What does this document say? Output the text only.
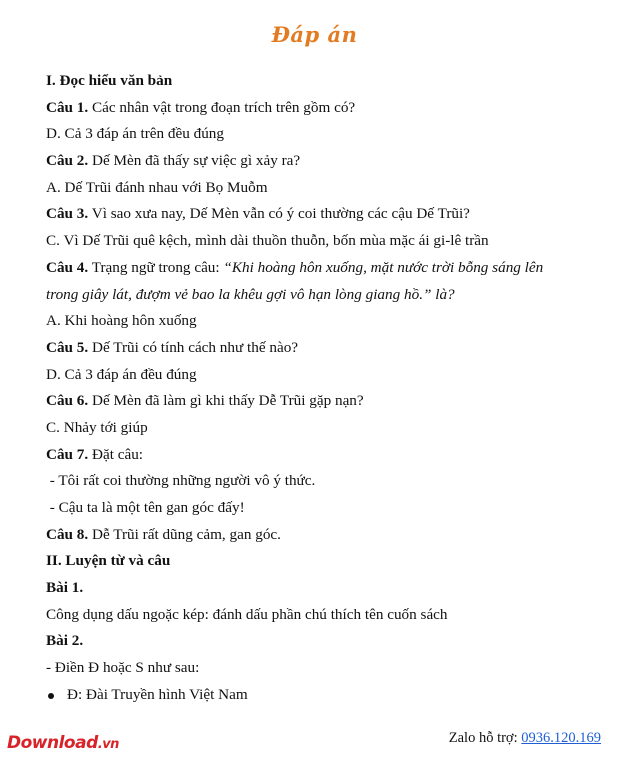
Đáp án
I. Đọc hiểu văn bản
Câu 1. Các nhân vật trong đoạn trích trên gồm có?
D. Cả 3 đáp án trên đều đúng
Câu 2. Dế Mèn đã thấy sự việc gì xảy ra?
A. Dế Trũi đánh nhau với Bọ Muỗm
Câu 3. Vì sao xưa nay, Dế Mèn vẫn có ý coi thường các cậu Dế Trũi?
C. Vì Dế Trũi quê kệch, mình dài thuồn thuỗn, bốn mùa mặc ái gi-lê trần
Câu 4. Trạng ngữ trong câu: “Khi hoàng hôn xuống, mặt nước trời bỗng sáng lên
trong giây lát, đượm vẻ bao la khêu gợi vô hạn lòng giang hồ.” là?
A. Khi hoàng hôn xuống
Câu 5. Dế Trũi có tính cách như thế nào?
D. Cả 3 đáp án đều đúng
Câu 6. Dế Mèn đã làm gì khi thấy Dễ Trũi gặp nạn?
C. Nhảy tới giúp
Câu 7. Đặt câu:
- Tôi rất coi thường những người vô ý thức.
- Cậu ta là một tên gan góc đấy!
Câu 8. Dễ Trũi rất dũng cảm, gan góc.
II. Luyện từ và câu
Bài 1.
Công dụng dấu ngoặc kép: đánh dấu phần chú thích tên cuốn sách
Bài 2.
- Điền Đ hoặc S như sau:
Đ: Đài Truyền hình Việt Nam
Download.vn	Zalo hỗ trợ: 0936.120.169
